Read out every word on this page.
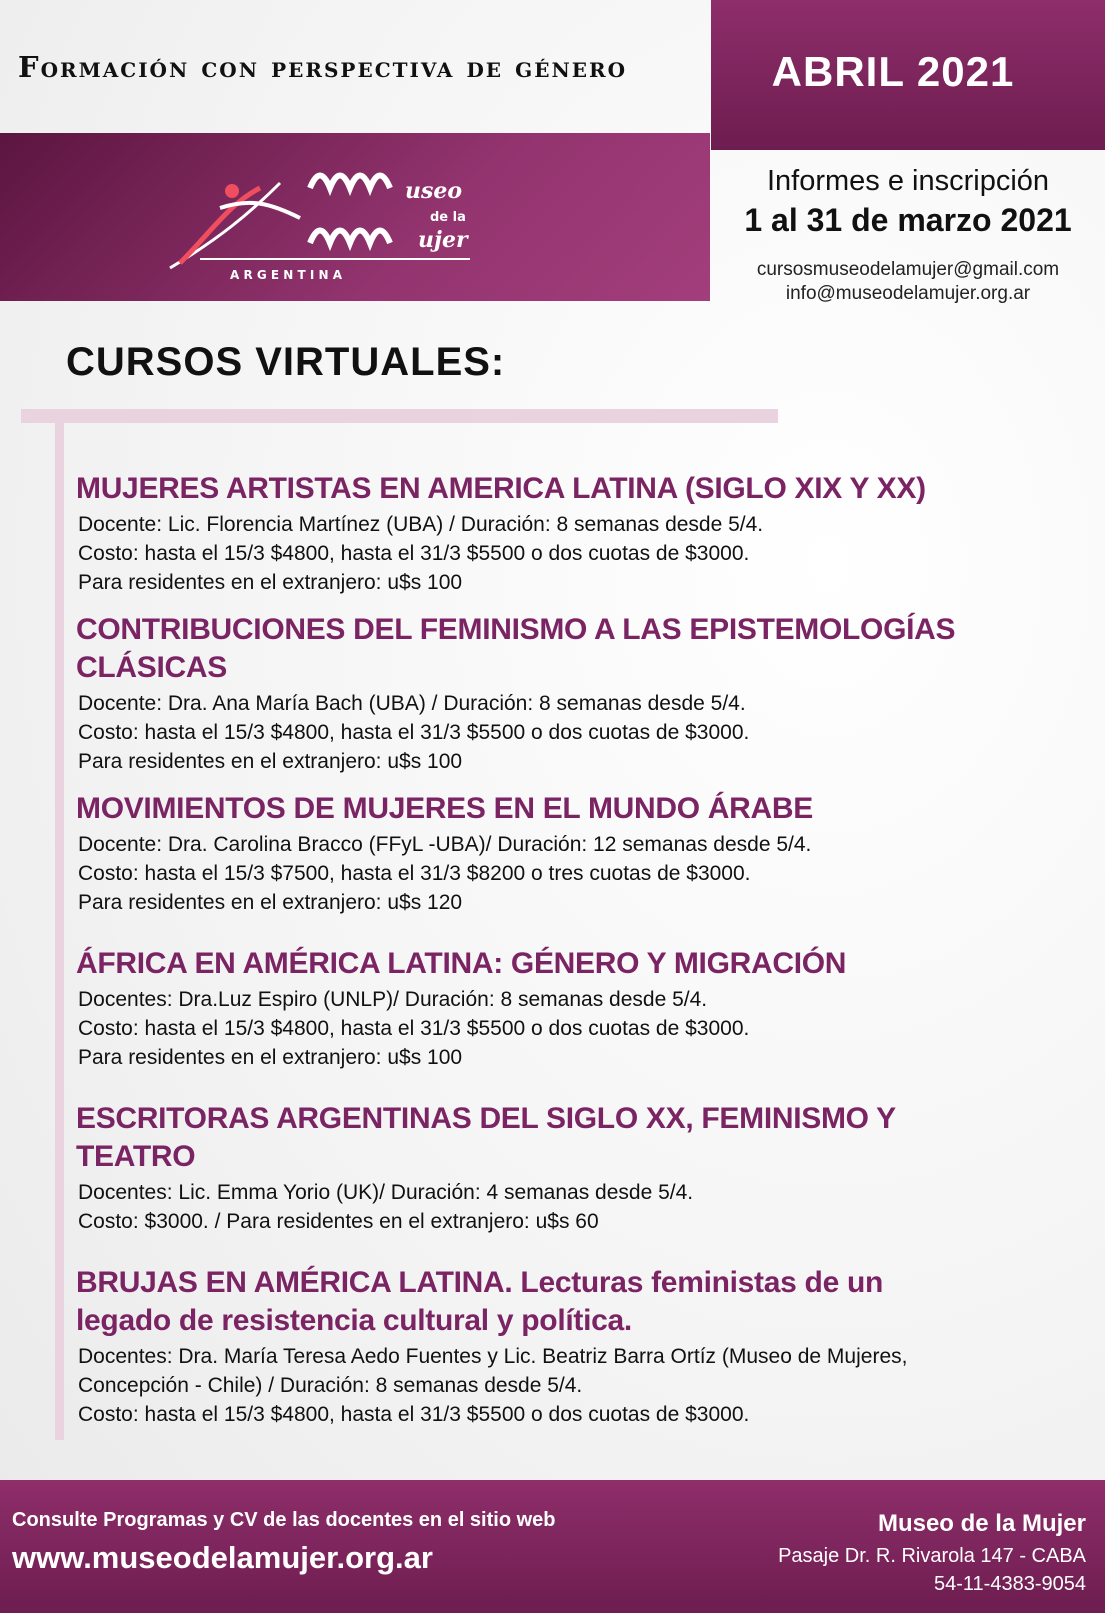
Formación con perspectiva de género	ABRIL 2021
useo
de la
ujer
A R G E N T I N A
Informes e inscripción
1 al 31 de marzo 2021
cursosmuseodelamujer@gmail.com
info@museodelamujer.org.ar
CURSOS VIRTUALES:
MUJERES ARTISTAS EN AMERICA LATINA (SIGLO XIX Y XX)
Docente: Lic. Florencia Martínez (UBA) / Duración: 8 semanas desde 5/4.
Costo: hasta el 15/3 $4800, hasta el 31/3 $5500 o dos cuotas de $3000.
Para residentes en el extranjero: u$s 100
CONTRIBUCIONES DEL FEMINISMO A LAS EPISTEMOLOGÍAS CLÁSICAS
Docente: Dra. Ana María Bach (UBA) / Duración: 8 semanas desde 5/4.
Costo: hasta el 15/3 $4800, hasta el 31/3 $5500 o dos cuotas de $3000.
Para residentes en el extranjero: u$s 100
MOVIMIENTOS DE MUJERES EN EL MUNDO ÁRABE
Docente: Dra. Carolina Bracco (FFyL -UBA)/ Duración: 12 semanas desde 5/4.
Costo: hasta el 15/3 $7500, hasta el 31/3 $8200 o tres cuotas de $3000.
Para residentes en el extranjero: u$s 120
ÁFRICA EN AMÉRICA LATINA: GÉNERO Y MIGRACIÓN
Docentes: Dra.Luz Espiro (UNLP)/ Duración: 8 semanas desde 5/4.
Costo: hasta el 15/3 $4800, hasta el 31/3 $5500 o dos cuotas de $3000.
Para residentes en el extranjero: u$s 100
ESCRITORAS ARGENTINAS DEL SIGLO XX, FEMINISMO Y TEATRO
Docentes: Lic. Emma Yorio (UK)/ Duración: 4 semanas desde 5/4.
Costo: $3000. / Para residentes en el extranjero: u$s 60
BRUJAS EN AMÉRICA LATINA. Lecturas feministas de un legado de resistencia cultural y política.
Docentes: Dra. María Teresa Aedo Fuentes y Lic. Beatriz Barra Ortíz (Museo de Mujeres,
Concepción - Chile) / Duración: 8 semanas desde 5/4.
Costo: hasta el 15/3 $4800, hasta el 31/3 $5500 o dos cuotas de $3000.
Consulte Programas y CV de las docentes en el sitio web
www.museodelamujer.org.ar
Museo de la Mujer
Pasaje Dr. R. Rivarola 147 - CABA
54-11-4383-9054
